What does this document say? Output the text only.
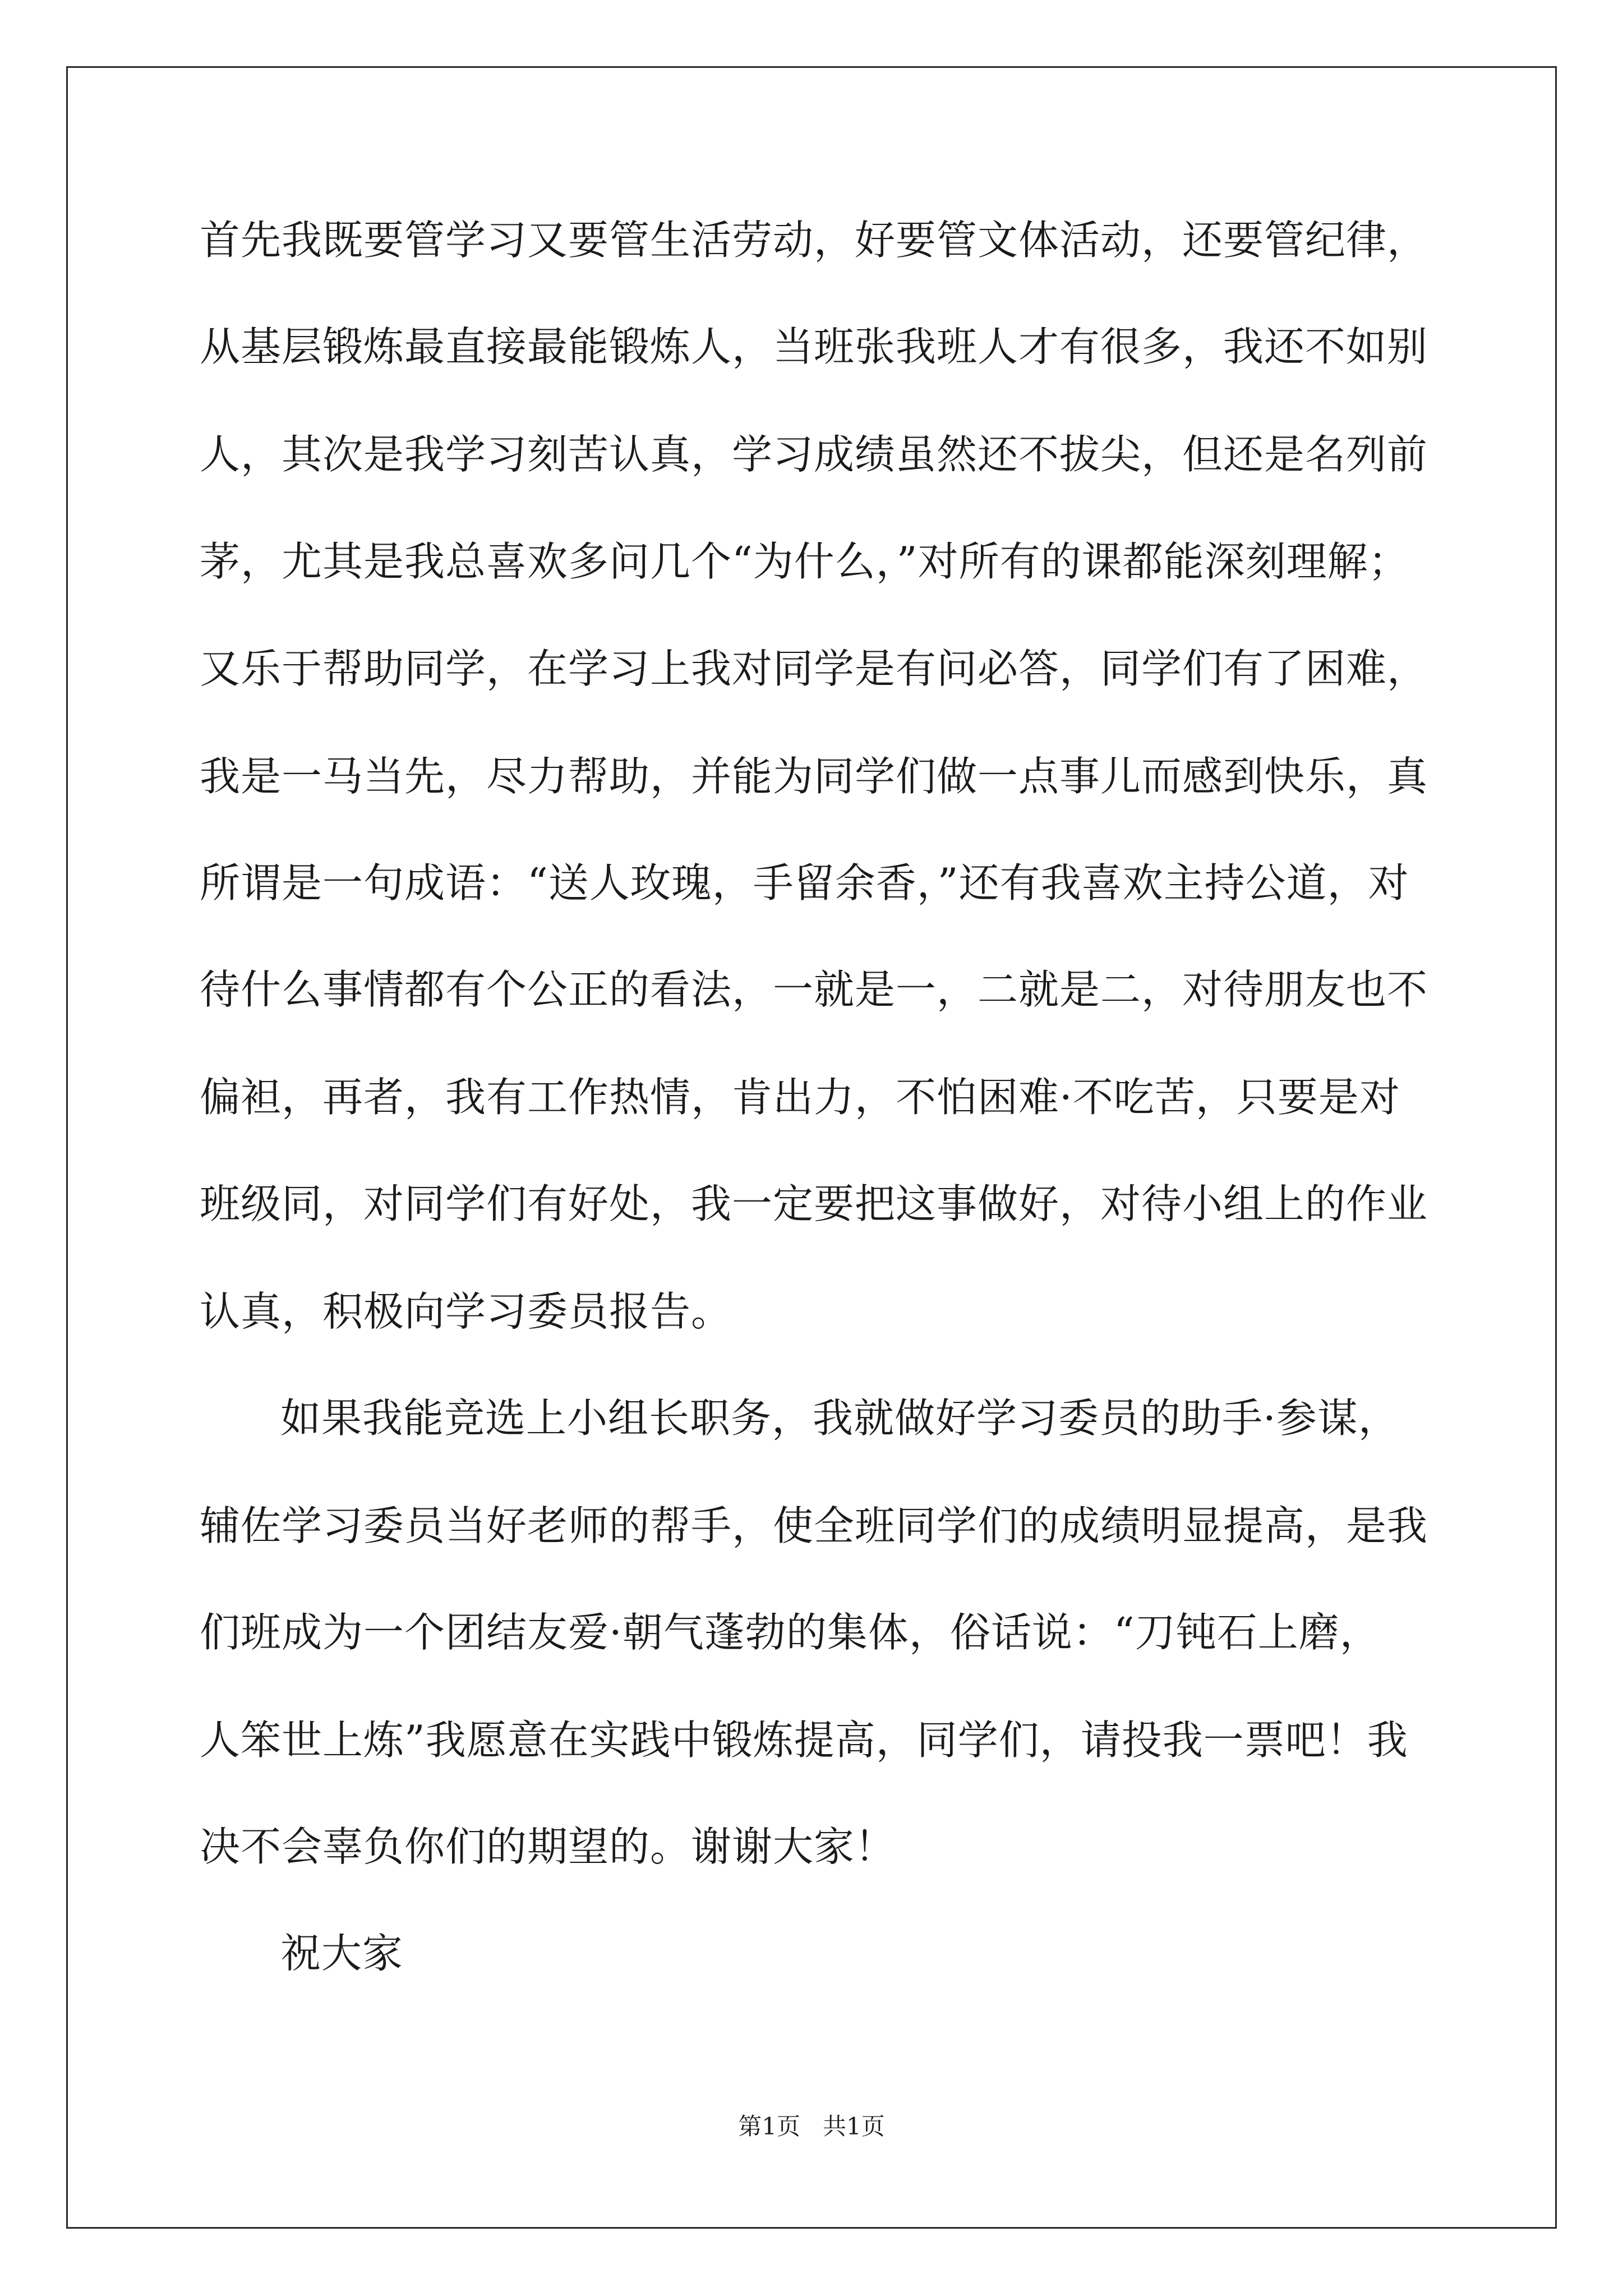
首先我既要管学习又要管生活劳动，好要管文体活动，还要管纪律，
从基层锻炼最直接最能锻炼人，当班张我班人才有很多，我还不如别
人，其次是我学习刻苦认真，学习成绩虽然还不拔尖，但还是名列前
茅，尤其是我总喜欢多问几个“为什么，”对所有的课都能深刻理解；
又乐于帮助同学，在学习上我对同学是有问必答，同学们有了困难，
我是一马当先，尽力帮助，并能为同学们做一点事儿而感到快乐，真
所谓是一句成语：“送人玫瑰，手留余香，”还有我喜欢主持公道，对
待什么事情都有个公正的看法，一就是一，二就是二，对待朋友也不
偏袒，再者，我有工作热情，肯出力，不怕困难·不吃苦，只要是对
班级同，对同学们有好处，我一定要把这事做好，对待小组上的作业
认真，积极向学习委员报告。
如果我能竞选上小组长职务，我就做好学习委员的助手·参谋，
辅佐学习委员当好老师的帮手，使全班同学们的成绩明显提高，是我
们班成为一个团结友爱·朝气蓬勃的集体，俗话说：“刀钝石上磨，
人笨世上炼”我愿意在实践中锻炼提高，同学们，请投我一票吧！我
决不会辜负你们的期望的。谢谢大家！
祝大家
第1页 共1页
